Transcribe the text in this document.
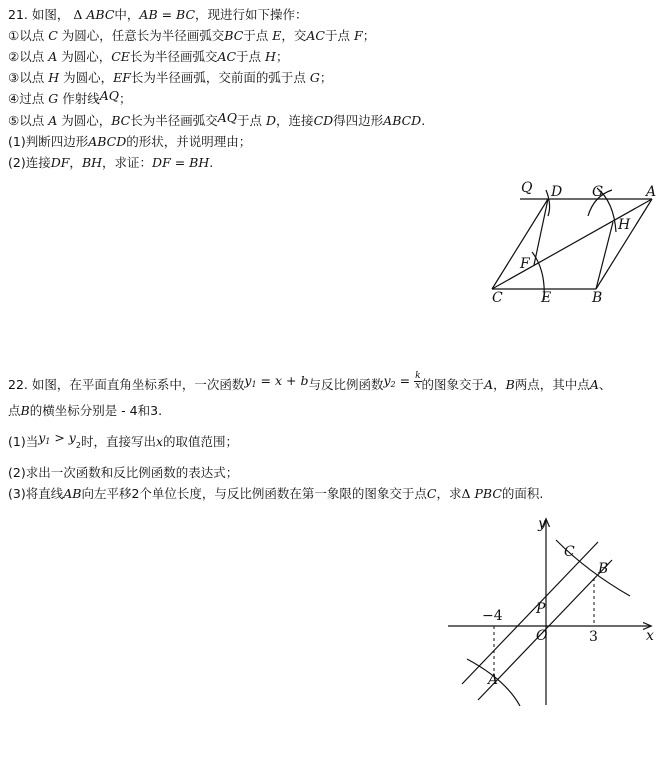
21. 如图， Δ ABC中，AB = BC，现进行如下操作：
①以点 C 为圆心，任意长为半径画弧交BC于点 E，交AC于点 F；
②以点 A 为圆心，CE长为半径画弧交AC于点 H；
③以点 H 为圆心，EF长为半径画弧，交前面的弧于点 G；
④过点 G 作射线AQ；
⑤以点 A 为圆心，BC长为半径画弧交AQ于点 D，连接CD得四边形ABCD.
(1)判断四边形ABCD的形状，并说明理由；
(2)连接DF，BH，求证：DF = BH.
Q D G	A
H
F
C	E	B
22. 如图，在平面直角坐标系中，一次函数y1 = x + b与反比例函数$y2 = \frac{k}{x}$ 的图象交于A，B两点，其中点A、
点B的横坐标分别是 - 4和3.
(1)当y1 > y2时，直接写出x的取值范围；
(2)求出一次函数和反比例函数的表达式；
(3)将直线AB向左平移2个单位长度，与反比例函数在第一象限的图象交于点C，求Δ PBC的面积.
y
x
C
B
P
O
A
−4
3
